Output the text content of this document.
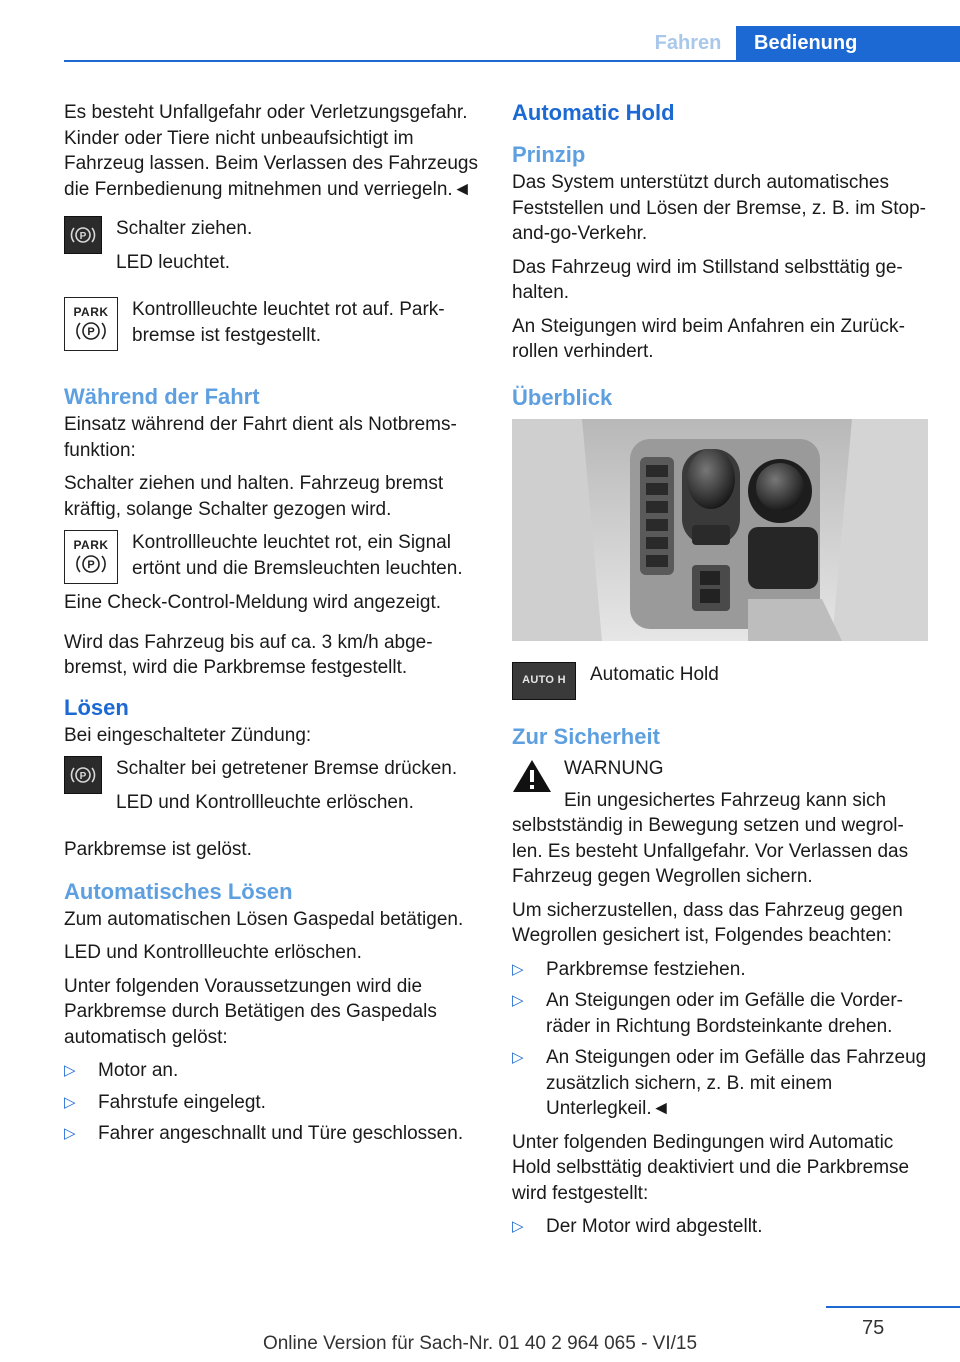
Fahren	Bedienung

Es besteht Unfallgefahr oder Verletzungsgefahr. Kinder oder Tiere nicht unbeaufsichtigt im Fahrzeug lassen. Beim Verlassen des Fahrzeugs die Fernbedienung mitnehmen und verriegeln.◄

P Schalter ziehen.

LED leuchtet.

PARK
P

Kontrollleuchte leuchtet rot auf. Parkbremse ist festgestellt.

Während der Fahrt

Einsatz während der Fahrt dient als Notbremsfunktion:

Schalter ziehen und halten. Fahrzeug bremst kräftig, solange Schalter gezogen wird.

PARK
P

Kontrollleuchte leuchtet rot, ein Signal ertönt und die Bremsleuchten leuchten.

Eine Check-Control-Meldung wird angezeigt.

Wird das Fahrzeug bis auf ca. 3 km/h abgebremst, wird die Parkbremse festgestellt.

Lösen

Bei eingeschalteter Zündung:

P Schalter bei getretener Bremse drücken.

LED und Kontrollleuchte erlöschen.

Parkbremse ist gelöst.

Automatisches Lösen

Zum automatischen Lösen Gaspedal betätigen.

LED und Kontrollleuchte erlöschen.

Unter folgenden Voraussetzungen wird die Parkbremse durch Betätigen des Gaspedals automatisch gelöst:

▷ Motor an.
▷ Fahrstufe eingelegt.
▷ Fahrer angeschnallt und Türe geschlossen.
Automatic Hold
Prinzip

Das System unterstützt durch automatisches Feststellen und Lösen der Bremse, z. B. im Stop-and-go-Verkehr.

Das Fahrzeug wird im Stillstand selbsttätig gehalten.

An Steigungen wird beim Anfahren ein Zurückrollen verhindert.

Überblick
AUTO H	Automatic Hold

Zur Sicherheit

WARNUNG

Ein ungesichertes Fahrzeug kann sich

selbstständig in Bewegung setzen und wegrollen. Es besteht Unfallgefahr. Vor Verlassen das Fahrzeug gegen Wegrollen sichern.

Um sicherzustellen, dass das Fahrzeug gegen Wegrollen gesichert ist, Folgendes beachten:

▷ Parkbremse festziehen.
▷ An Steigungen oder im Gefälle die Vorderräder in Richtung Bordsteinkante drehen.
▷ An Steigungen oder im Gefälle das Fahrzeug zusätzlich sichern, z. B. mit einem Unterlegkeil.◄

Unter folgenden Bedingungen wird Automatic Hold selbsttätig deaktiviert und die Parkbremse wird festgestellt:

▷ Der Motor wird abgestellt.
75
Online Version für Sach-Nr. 01 40 2 964 065 - VI/15
